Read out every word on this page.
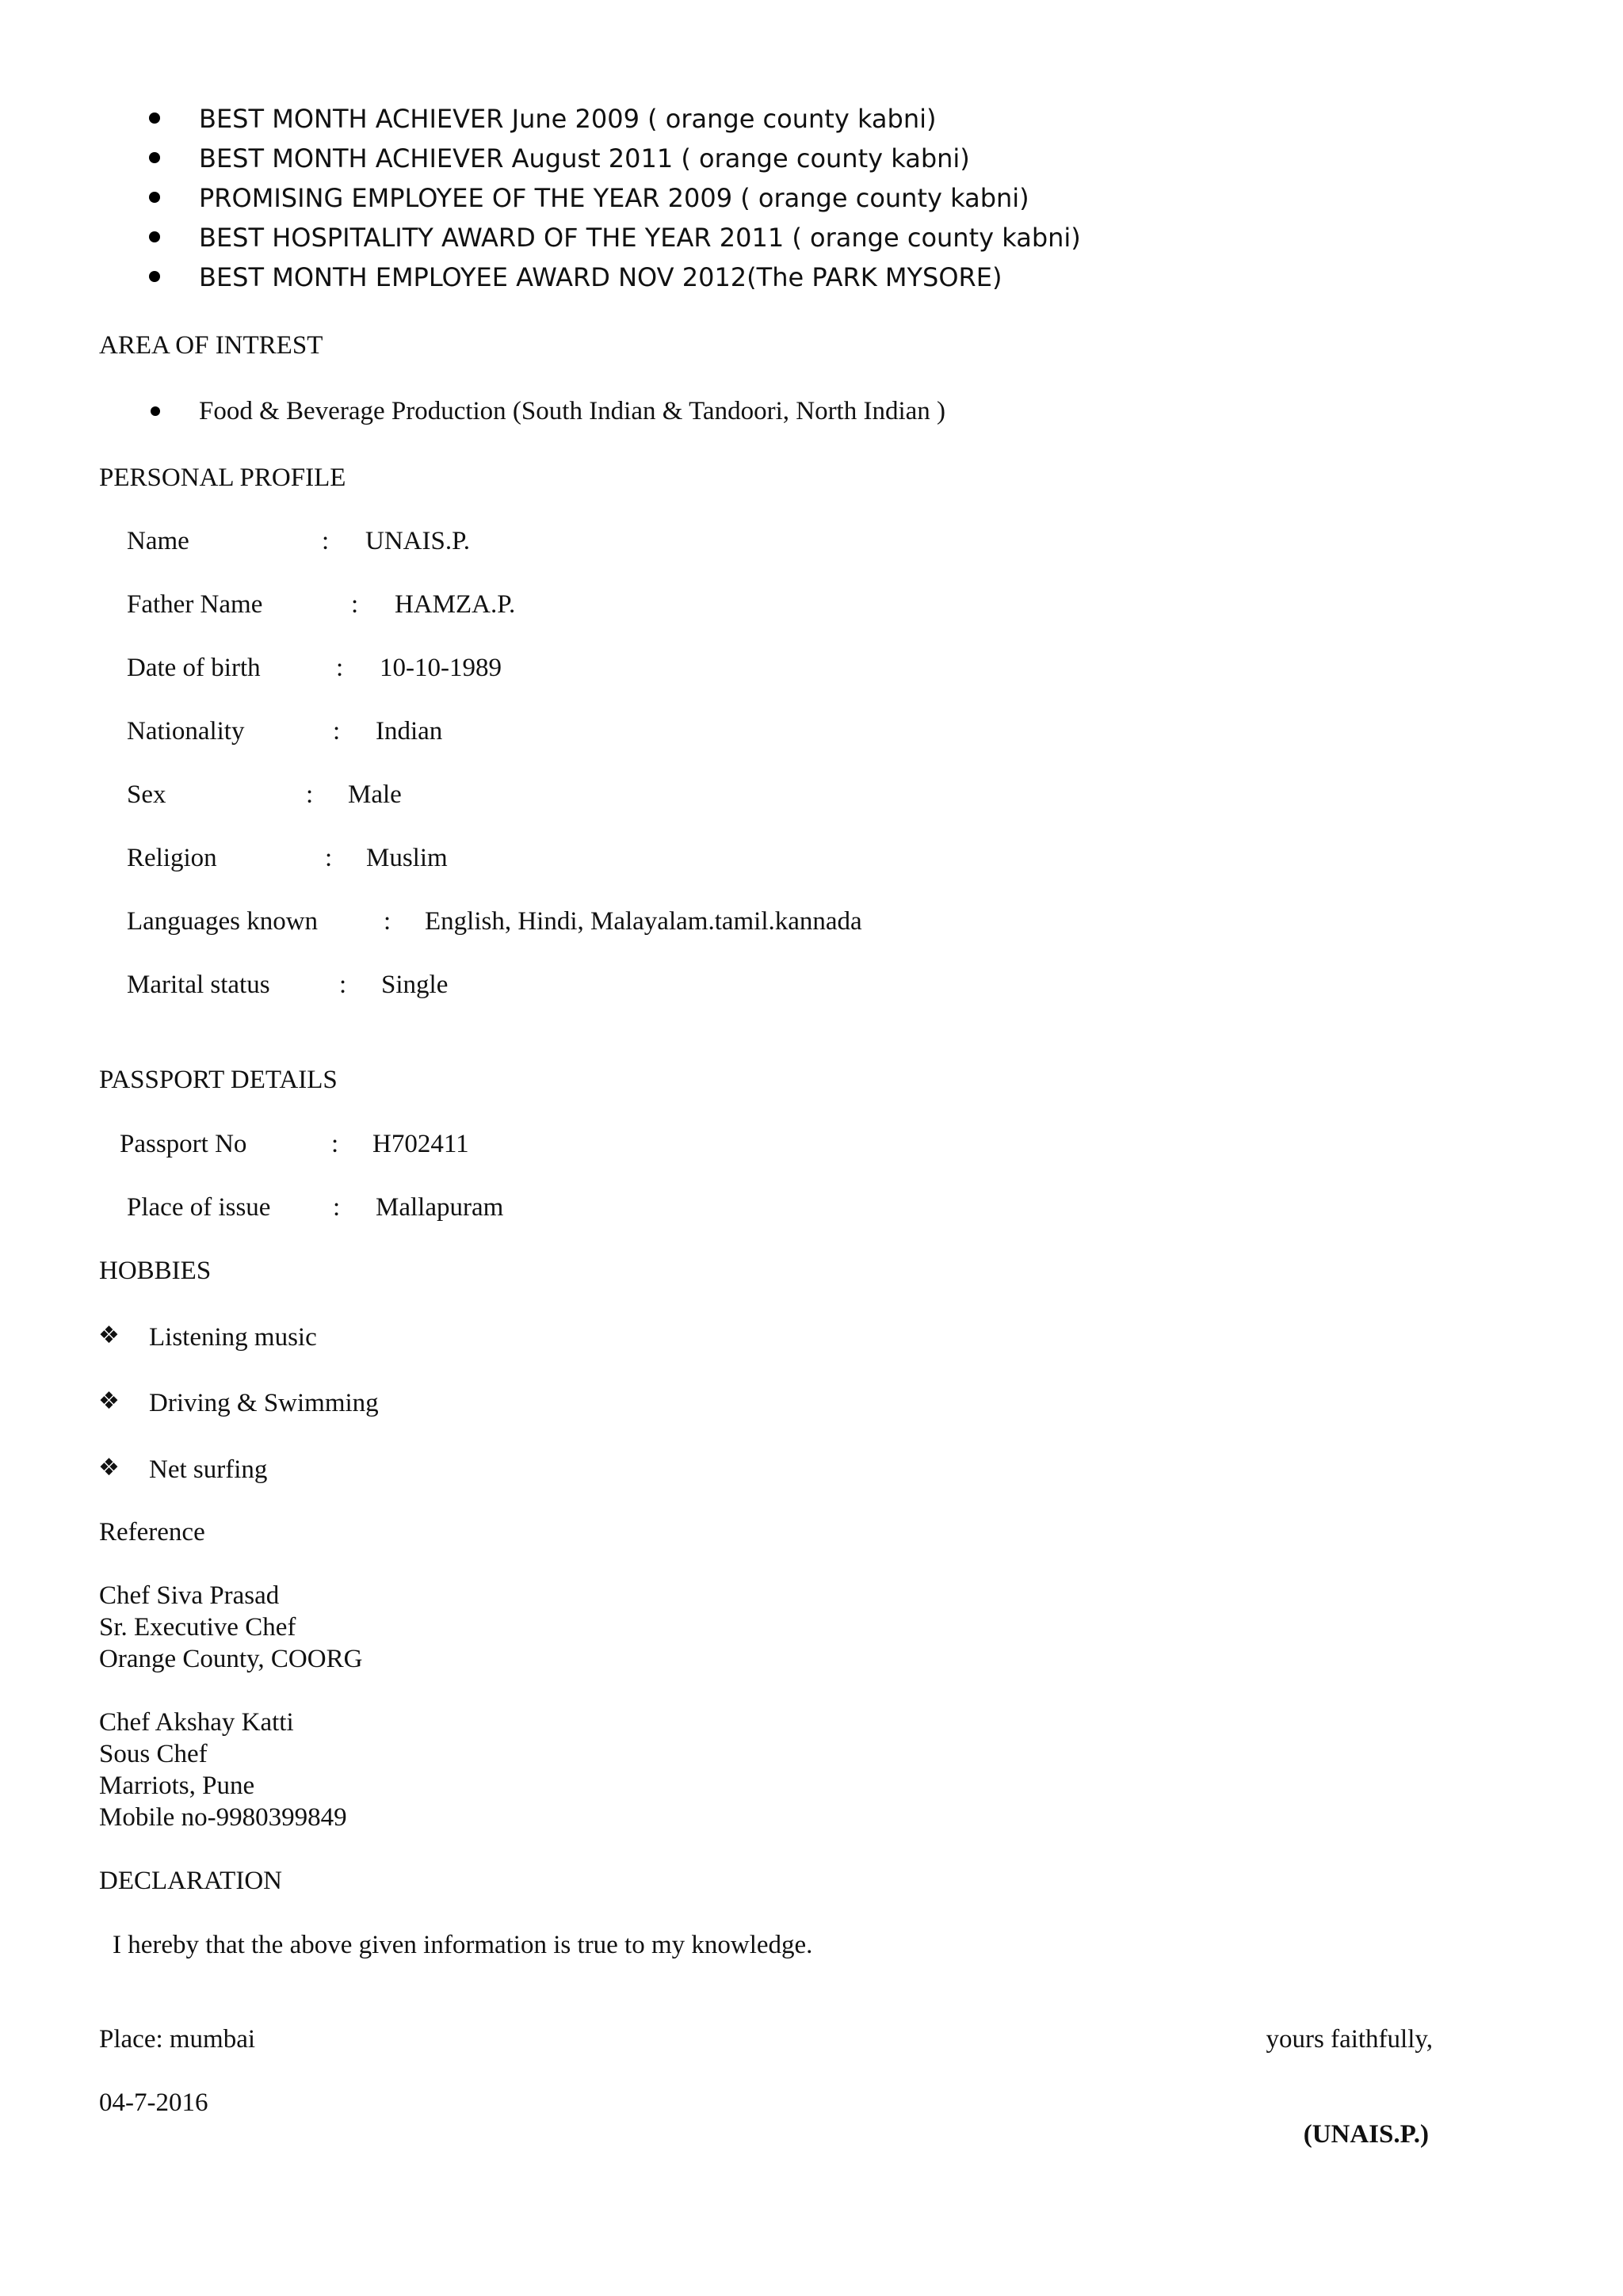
BEST MONTH ACHIEVER June 2009 ( orange county kabni)
BEST MONTH ACHIEVER August 2011 ( orange county kabni)
PROMISING EMPLOYEE OF THE YEAR 2009 ( orange county kabni)
BEST HOSPITALITY AWARD OF THE YEAR 2011 ( orange county kabni)
BEST MONTH EMPLOYEE AWARD NOV 2012(The PARK MYSORE)
AREA OF INTREST
Food & Beverage Production (South Indian & Tandoori, North Indian )
PERSONAL PROFILE
Name	: UNAIS.P.
Father Name	: HAMZA.P.
Date of birth	: 10-10-1989
Nationality	: Indian
Sex	: Male
Religion	: Muslim
Languages known	: English, Hindi, Malayalam.tamil.kannada
Marital status	: Single
PASSPORT DETAILS
Passport No	: H702411
Place of issue : Mallapuram
HOBBIES
❖ Listening music
❖ Driving & Swimming
❖ Net surfing
Reference
Chef Siva Prasad
Sr. Executive Chef
Orange County, COORG
Chef Akshay Katti
Sous Chef
Marriots, Pune
Mobile no-9980399849
DECLARATION
I hereby that the above given information is true to my knowledge.
Place: mumbai
04-7-2016
yours faithfully,
(UNAIS.P.)
